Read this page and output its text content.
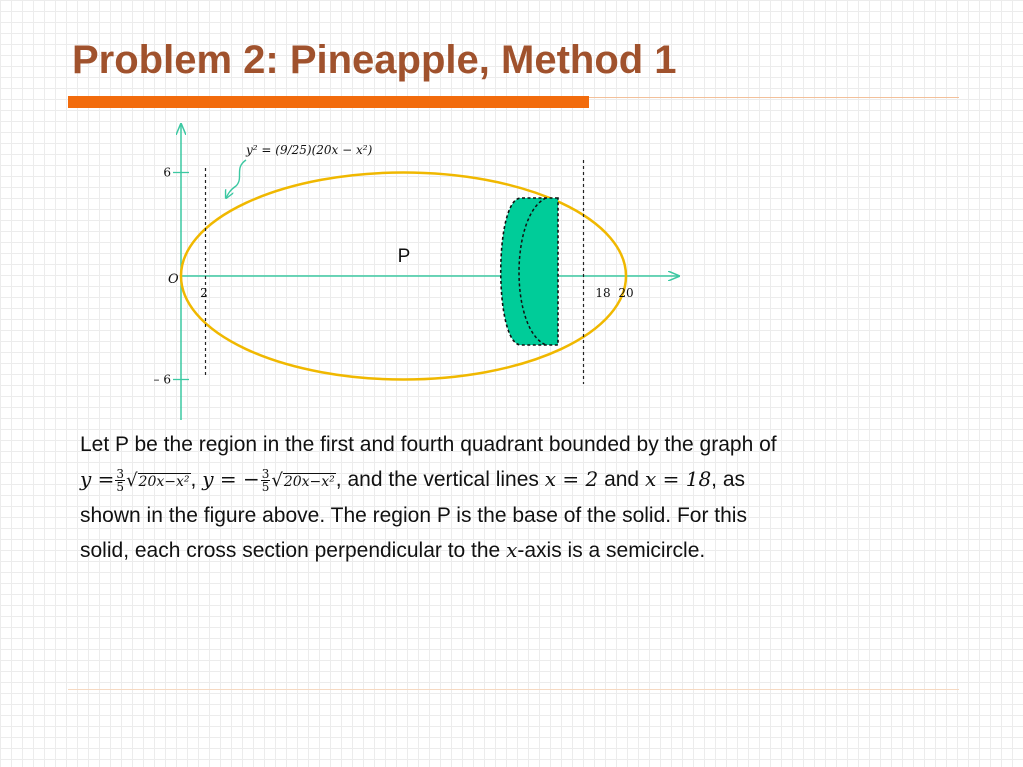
Problem 2: Pineapple, Method 1
O
6
– 6
2	18 20
P
y² = (9/25)(20x − x²)
Let P be the region in the first and fourth quadrant bounded by the graph of
$y = \frac{3}{5} √20x-x^2$, y = − $\frac{3}{5} √20x-x^2$, and the vertical lines x = 2 and x = 18, as
shown in the figure above. The region P is the base of the solid. For this
solid, each cross section perpendicular to the x-axis is a semicircle.
